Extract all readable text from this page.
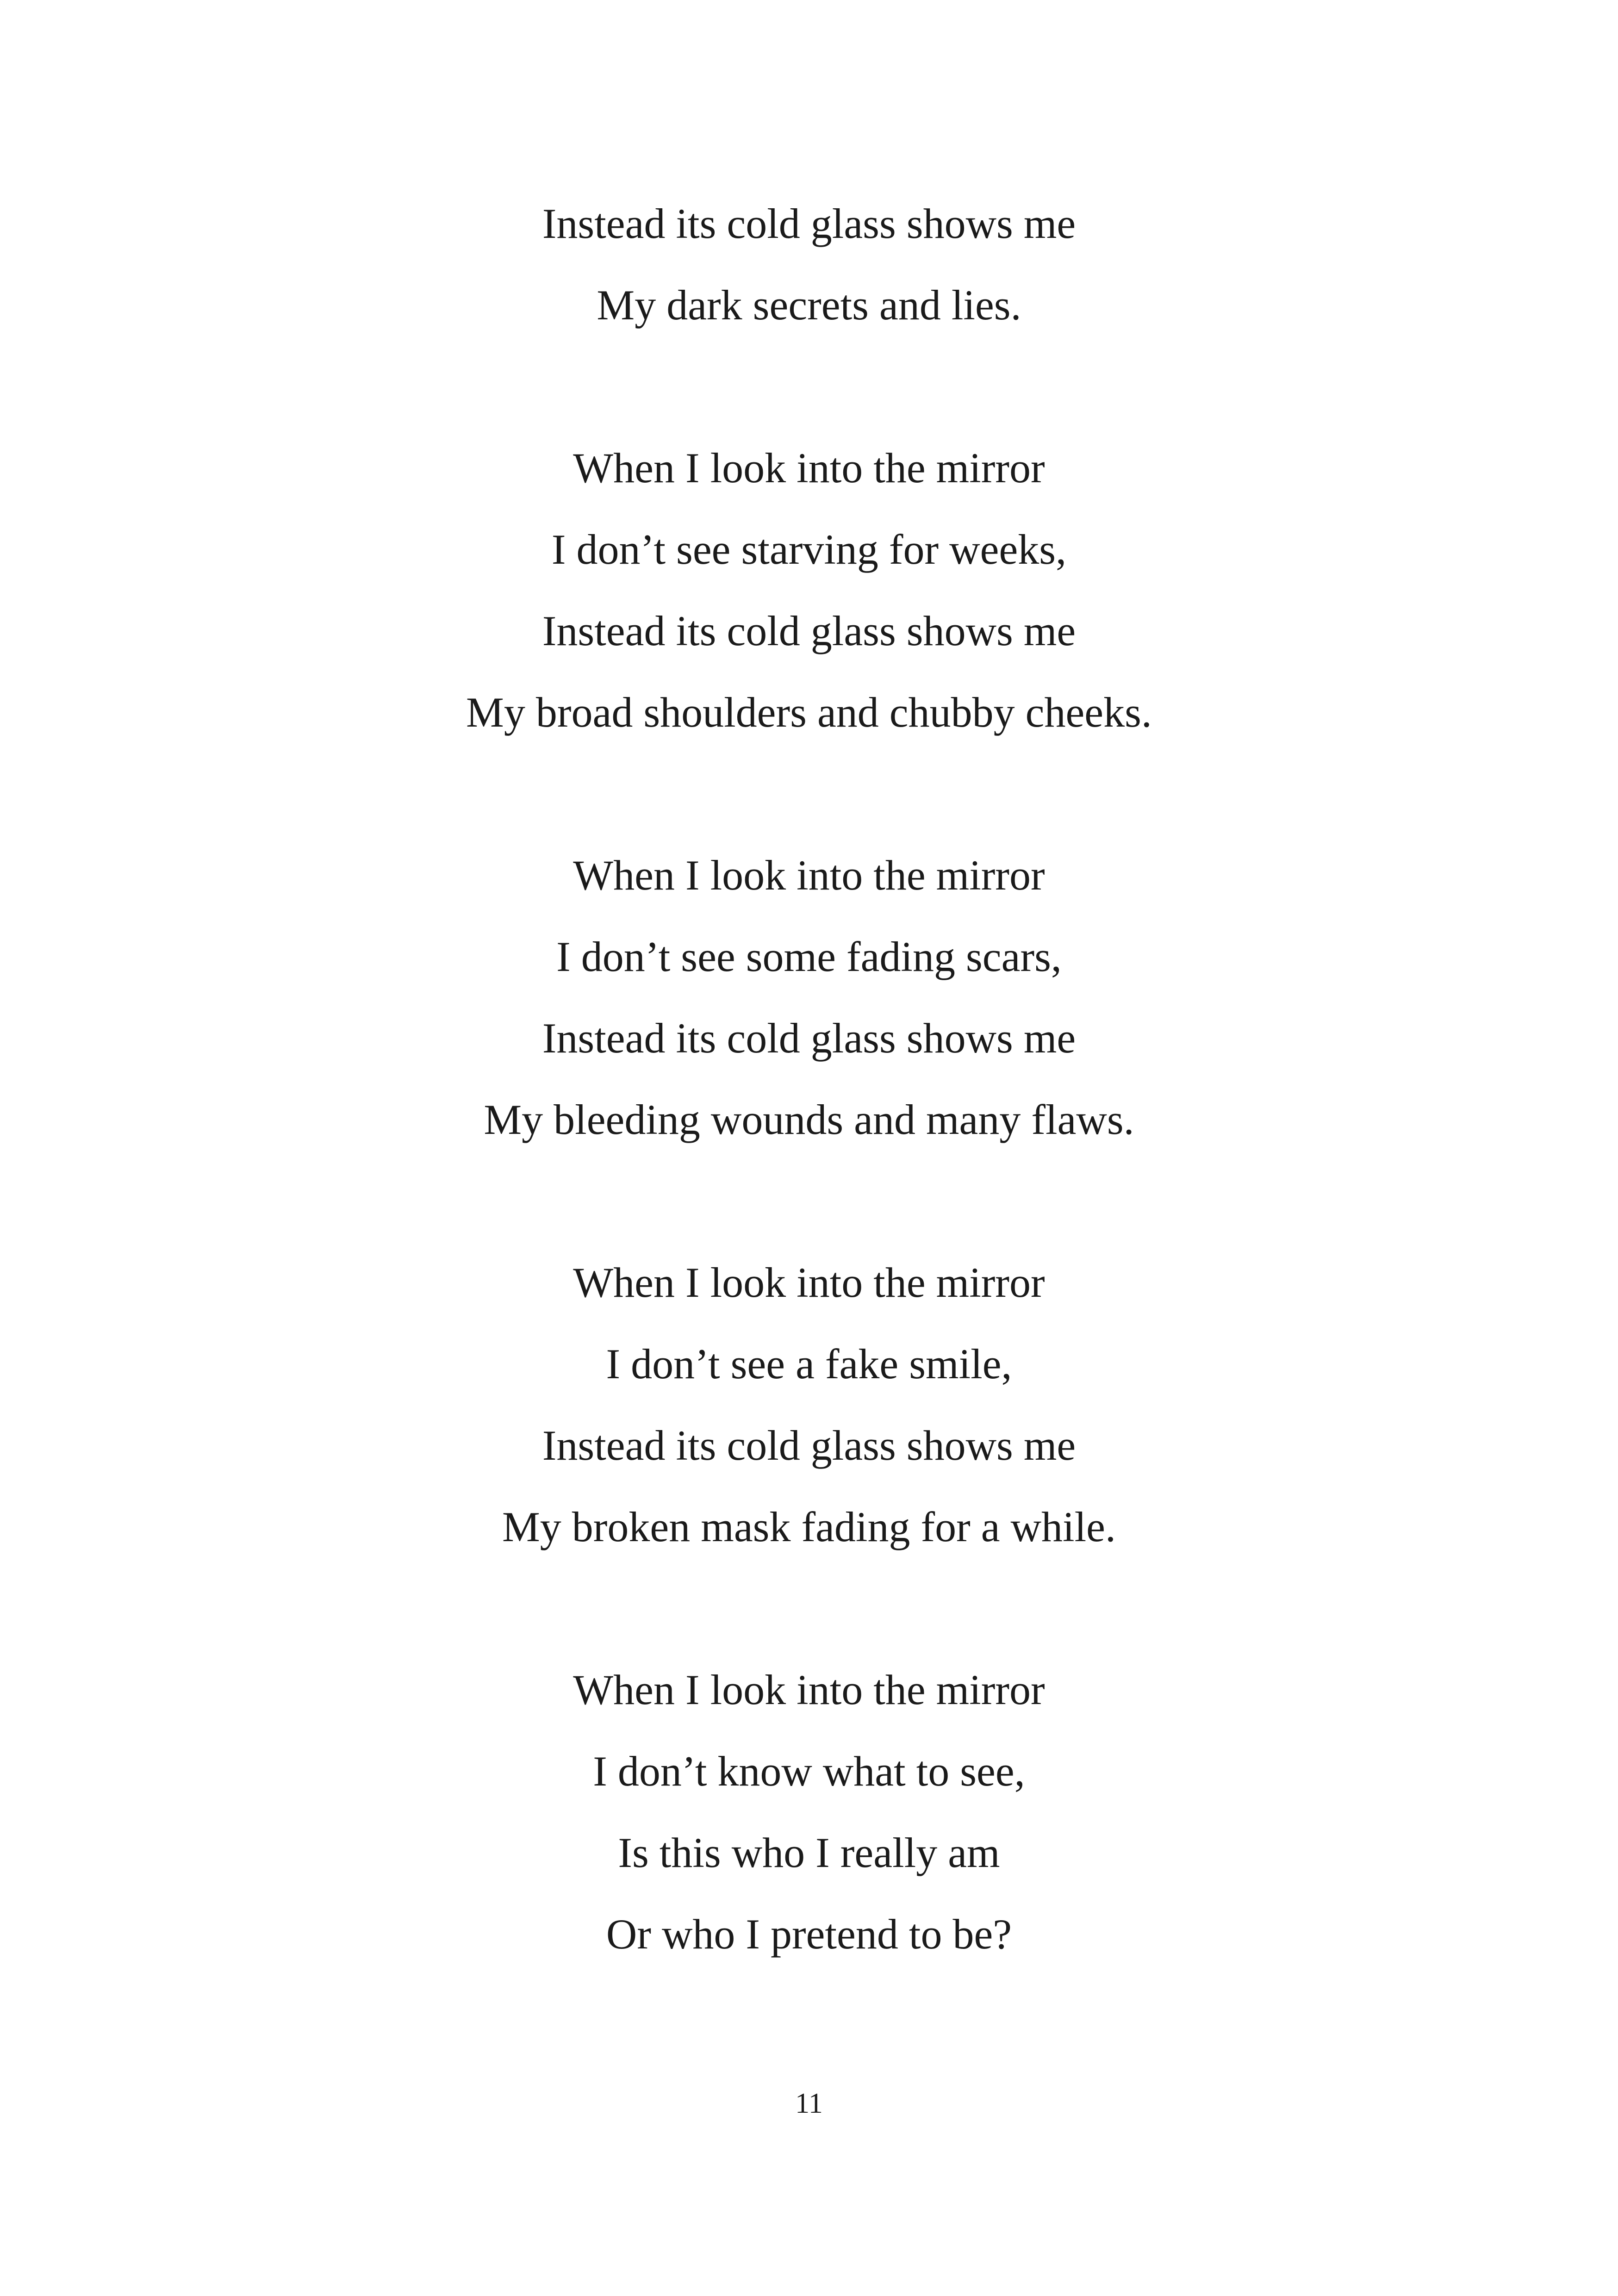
Instead its cold glass shows me
My dark secrets and lies.
When I look into the mirror
I don’t see starving for weeks,
Instead its cold glass shows me
My broad shoulders and chubby cheeks.
When I look into the mirror
I don’t see some fading scars,
Instead its cold glass shows me
My bleeding wounds and many flaws.
When I look into the mirror
I don’t see a fake smile,
Instead its cold glass shows me
My broken mask fading for a while.
When I look into the mirror
I don’t know what to see,
Is this who I really am
Or who I pretend to be?
11
